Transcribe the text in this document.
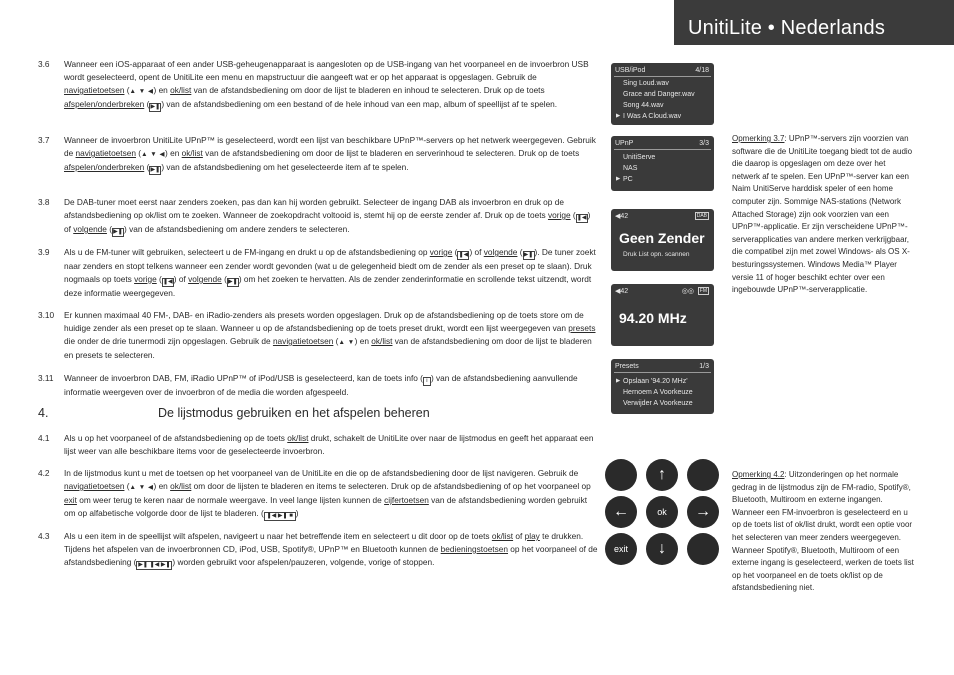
UnitiLite • Nederlands
3.6	Wanneer een iOS-apparaat of een ander USB-geheugenapparaat is aangesloten op de USB-ingang van het voorpaneel en de invoerbron USB wordt geselecteerd, opent de UnitiLite een menu en mapstructuur die aangeeft wat er op het apparaat is opgeslagen. Gebruik de navigatietoetsen (▲ ▼ ◀) en ok/list van de afstandsbediening om door de lijst te bladeren en inhoud te selecteren. Druk op de toets afspelen/onderbreken (▶❚) van de afstandsbediening om een bestand of de hele inhoud van een map, album of speellijst af te spelen.
3.7	Wanneer de invoerbron UnitiLite UPnP™ is geselecteerd, wordt een lijst van beschikbare UPnP™-servers op het netwerk weergegeven. Gebruik de navigatietoetsen (▲ ▼ ◀) en ok/list van de afstandsbediening om door de lijst te bladeren en serverinhoud te selecteren. Druk op de toets afspelen/onderbreken (▶❚) van de afstandsbediening om het geselecteerde item af te spelen.
3.8	De DAB-tuner moet eerst naar zenders zoeken, pas dan kan hij worden gebruikt. Selecteer de ingang DAB als invoerbron en druk op de afstandsbediening op ok/list om te zoeken. Wanneer de zoekopdracht voltooid is, stemt hij op de eerste zender af. Druk op de toets vorige (❚◀) of volgende (▶❚) van de afstandsbediening om andere zenders te selecteren.
3.9	Als u de FM-tuner wilt gebruiken, selecteert u de FM-ingang en drukt u op de afstandsbediening op vorige (❚◀) of volgende (▶❚). De tuner zoekt naar zenders en stopt telkens wanneer een zender wordt gevonden (wat u de gelegenheid biedt om de zender als een preset op te slaan). Druk nogmaals op toets vorige (❚◀) of volgende (▶❚) om het zoeken te hervatten. Als de zender zenderinformatie en scrollende tekst uitzendt, wordt deze informatie weergegeven.
3.10	Er kunnen maximaal 40 FM-, DAB- en iRadio-zenders als presets worden opgeslagen. Druk op de afstandsbediening op de toets store om de huidige zender als een preset op te slaan. Wanneer u op de afstandsbediening op de toets preset drukt, wordt een lijst weergegeven van presets die onder de drie tunermodi zijn opgeslagen. Gebruik de navigatietoetsen (▲ ▼) en ok/list van de afstandsbediening om door de lijst te bladeren en presets te selecteren.
3.11	Wanneer de invoerbron DAB, FM, iRadio UPnP™ of iPod/USB is geselecteerd, kan de toets info ( i ) van de afstandsbediening aanvullende informatie weergeven over de invoerbron of de media die worden afgespeeld.
4.	De lijstmodus gebruiken en het afspelen beheren
4.1	Als u op het voorpaneel of de afstandsbediening op de toets ok/list drukt, schakelt de UnitiLite over naar de lijstmodus en geeft het apparaat een lijst weer van alle beschikbare items voor de geselecteerde invoerbron.
4.2	In de lijstmodus kunt u met de toetsen op het voorpaneel van de UnitiLite en die op de afstandsbediening door de lijst navigeren. Gebruik de navigatietoetsen (▲ ▼ ◀) en ok/list om door de lijsten te bladeren en items te selecteren. Druk op de afstandsbediening of op het voorpaneel op exit om weer terug te keren naar de normale weergave. In veel lange lijsten kunnen de cijfertoetsen van de afstandsbediening worden gebruikt om op alfabetische volgorde door de lijst te bladeren. ( ❚◀ ▶❚ ■ )
4.3	Als u een item in de speellijst wilt afspelen, navigeert u naar het betreffende item en selecteert u dit door op de toets ok/list of play te drukken. Tijdens het afspelen van de invoerbronnen CD, iPod, USB, Spotify®, UPnP™ en Bluetooth kunnen de bedieningstoetsen op het voorpaneel of de afstandsbediening ( ▶❚ ❚◀ ▶❚ ) worden gebruikt voor afspelen/pauzeren, volgende, vorige of stoppen.
USB/iPod	4/18
Sing Loud.wav
Grace and Danger.wav
Song 44.wav
▶ I Was A Cloud.wav
UPnP	3/3
UnitiServe
NAS
▶ PC
◀42	DAB
Geen Zender
Druk List opn. scannen
◀42	◎◎	FM
94.20 MHz
Presets	1/3
▶ Opslaan '94.20 MHz'
Hernoem A Voorkeuze
Verwijder A Voorkeuze
Opmerking 3.7: UPnP™-servers zijn voorzien van software die de UnitiLite toegang biedt tot de audio die daarop is opgeslagen om deze over het netwerk af te spelen. Een UPnP™-server kan een Naim UnitiServe harddisk speler of een home computer zijn. Sommige NAS-stations (Network Attached Storage) zijn ook voorzien van een UPnP™-applicatie. Er zijn verscheidene UPnP™-serverapplicaties van andere merken verkrijgbaar, die compatibel zijn met zowel Windows- als OS X-besturingssystemen. Windows Media™ Player versie 11 of hoger beschikt echter over een ingebouwde UPnP™-serverapplicatie.
Opmerking 4.2: Uitzonderingen op het normale gedrag in de lijstmodus zijn de FM-radio, Spotify®, Bluetooth, Multiroom en externe ingangen. Wanneer een FM-invoerbron is geselecteerd en u op de toets list of ok/list drukt, wordt een optie voor het selecteren van meer zenders weergegeven. Wanneer Spotify®, Bluetooth, Multiroom of een externe ingang is geselecteerd, werken de toets list op het voorpaneel en de toets ok/list op de afstandsbediening niet.
↑
←	ok	→
exit	↓
